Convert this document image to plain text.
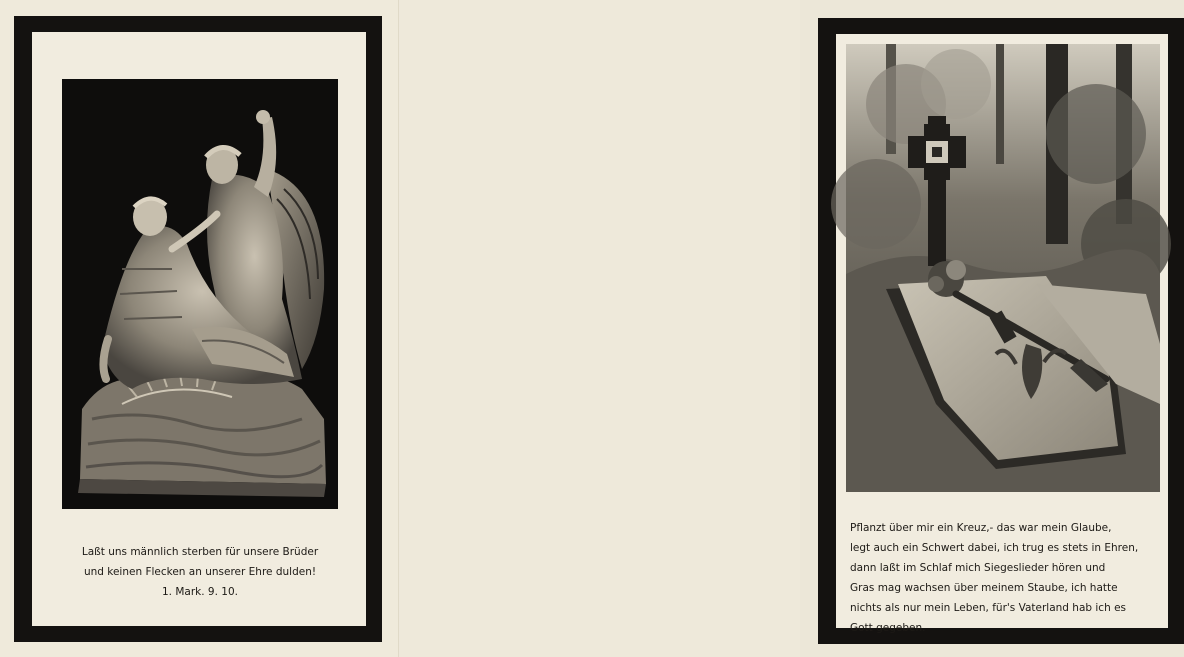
Laßt uns männlich sterben für unsere Brüder

und keinen Flecken an unserer Ehre dulden!

1. Mark. 9. 10.

Pflanzt über mir ein Kreuz,- das war mein Glaube,

legt auch ein Schwert dabei, ich trug es stets in Ehren,

dann laßt im Schlaf mich Siegeslieder hören und

Gras mag wachsen über meinem Staube, ich hatte

nichts als nur mein Leben, für's Vaterland hab ich es

Gott gegeben.
